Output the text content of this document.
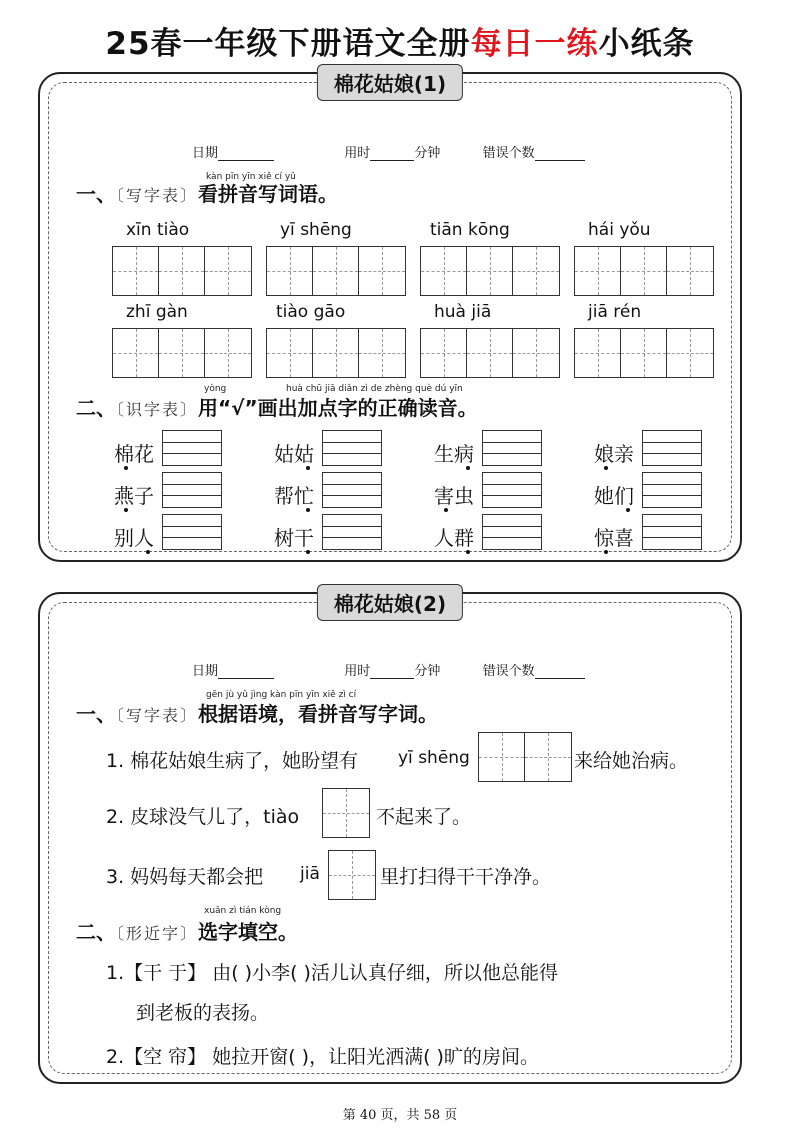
25春一年级下册语文全册每日一练小纸条
棉花姑娘(1)
日期	用时	分钟	错误个数
kàn pīn yīn xiě cí yǔ
一、〔写字表〕看拼音写词语。
xīn tiào	yī shēng	tiān kōng	hái yǒu
zhī gàn	tiào gāo	huà jiā	jiā rén
yòng	huà chū jiā diǎn zì de zhèng què dú yīn
二、〔识字表〕用“√”画出加点字的正确读音。
棉花	姑姑	生病	娘亲
燕子	帮忙	害虫	她们
别人	树干	人群	惊喜
棉花姑娘(2)
日期	用时	分钟	错误个数
gēn jù yǔ jìng kàn pīn yīn xiě zì cí
一、〔写字表〕根据语境，看拼音写字词。
1. 棉花姑娘生病了，她盼望有 yī shēng	来给她治病。
2. 皮球没气儿了，tiào	不起来了。
3. 妈妈每天都会把 jiā	里打扫得干干净净。
xuǎn zì tián kòng
二、〔形近字〕选字填空。
1.【干 于】 由( )小李( )活儿认真仔细，所以他总能得
到老板的表扬。
2.【空 帘】 她拉开窗( )，让阳光洒满( )旷的房间。
第 40 页，共 58 页
